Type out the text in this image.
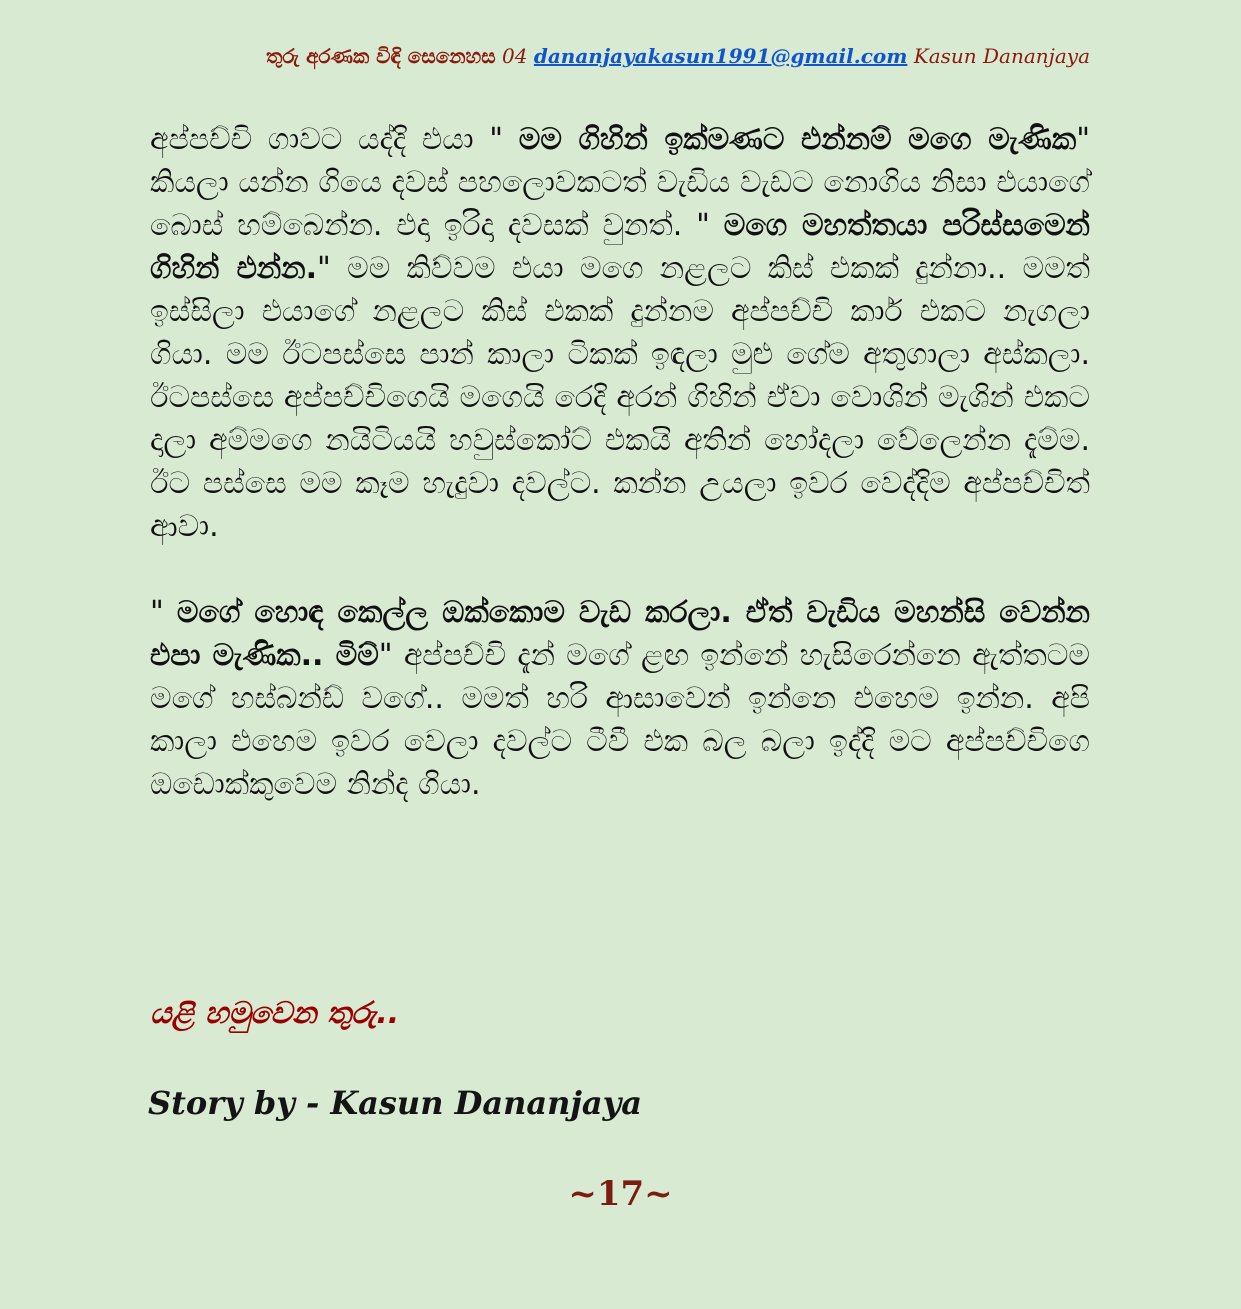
තුරු අරණක විඳි සෙනෙහස 04 dananjayakasun1991@gmail.com Kasun Dananjaya

අප්පච්චි ගාවට යද්දි එයා " මම ගිහින් ඉක්මණට එන්නම් මගෙ මැණික" කියලා යන්න ගියෙ දවස් පහලොවකටත් වැඩිය වැඩට නොගිය නිසා එයාගේ බොස් හම්බෙන්න. එදා ඉරිදා දවසක් වුනත්. " මගෙ මහත්තයා පරිස්සමෙන් ගිහින් එන්න." මම කිව්වම එයා මගෙ නළලට කිස් එකක් දුන්නා.. මමත් ඉස්සිලා එයාගේ නළලට කිස් එකක් දුන්නම අප්පච්චි කාර් එකට නැගලා ගියා. මම ඊටපස්සෙ පාන් කාලා ටිකක් ඉඳලා මුළු ගේම අතුගාලා අස්කලා. ඊටපස්සෙ අප්පච්චිගෙයි මගෙයි රෙදි අරන් ගිහින් ඒවා වොශින් මැශින් එකට දාලා අම්මගෙ නයිටියයි හවුස්කෝට් එකයි අතින් හෝදලා වේලෙන්න දැම්ම. ඊට පස්සෙ මම කෑම හැදුවා දවල්ට. කන්න උයලා ඉවර වෙද්දිම අප්පච්චිත් ආවා.

" මගේ හොඳ කෙල්ල ඔක්කොම වැඩ කරලා. ඒත් වැඩිය මහන්සි වෙන්න එපා මැණික.. මිම්" අප්පච්චි දැන් මගේ ළඟ ඉන්නේ හැසිරෙන්නෙ ඇත්තටම මගේ හස්බන්ඩ් වගේ.. මමත් හරි ආසාවෙන් ඉන්නෙ එහෙම ඉන්න. අපි කාලා එහෙම ඉවර වෙලා දවල්ට ටීවී එක බල බලා ඉද්දි මට අප්පච්චිගෙ ඔඩොක්කුවෙම නින්ද ගියා.

යළි හමුවෙන තුරු..
Story by - Kasun Dananjaya
~17~
